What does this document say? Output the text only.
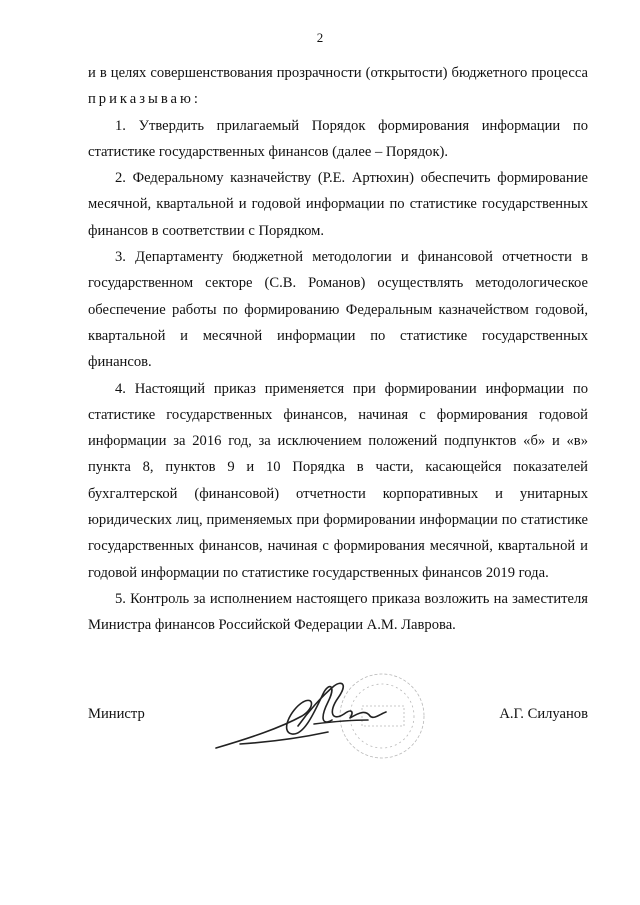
2

и в целях совершенствования прозрачности (открытости) бюджетного процесса приказываю:

1. Утвердить прилагаемый Порядок формирования информации по статистике государственных финансов (далее – Порядок).

2. Федеральному казначейству (Р.Е. Артюхин) обеспечить формирование месячной, квартальной и годовой информации по статистике государственных финансов в соответствии с Порядком.

3. Департаменту бюджетной методологии и финансовой отчетности в государственном секторе (С.В. Романов) осуществлять методологическое обеспечение работы по формированию Федеральным казначейством годовой, квартальной и месячной информации по статистике государственных финансов.

4. Настоящий приказ применяется при формировании информации по статистике государственных финансов, начиная с формирования годовой информации за 2016 год, за исключением положений подпунктов «б» и «в» пункта 8, пунктов 9 и 10 Порядка в части, касающейся показателей бухгалтерской (финансовой) отчетности корпоративных и унитарных юридических лиц, применяемых при формировании информации по статистике государственных финансов, начиная с формирования месячной, квартальной и годовой информации по статистике государственных финансов 2019 года.

5. Контроль за исполнением настоящего приказа возложить на заместителя Министра финансов Российской Федерации А.М. Лаврова.

Министр	А.Г. Силуанов
